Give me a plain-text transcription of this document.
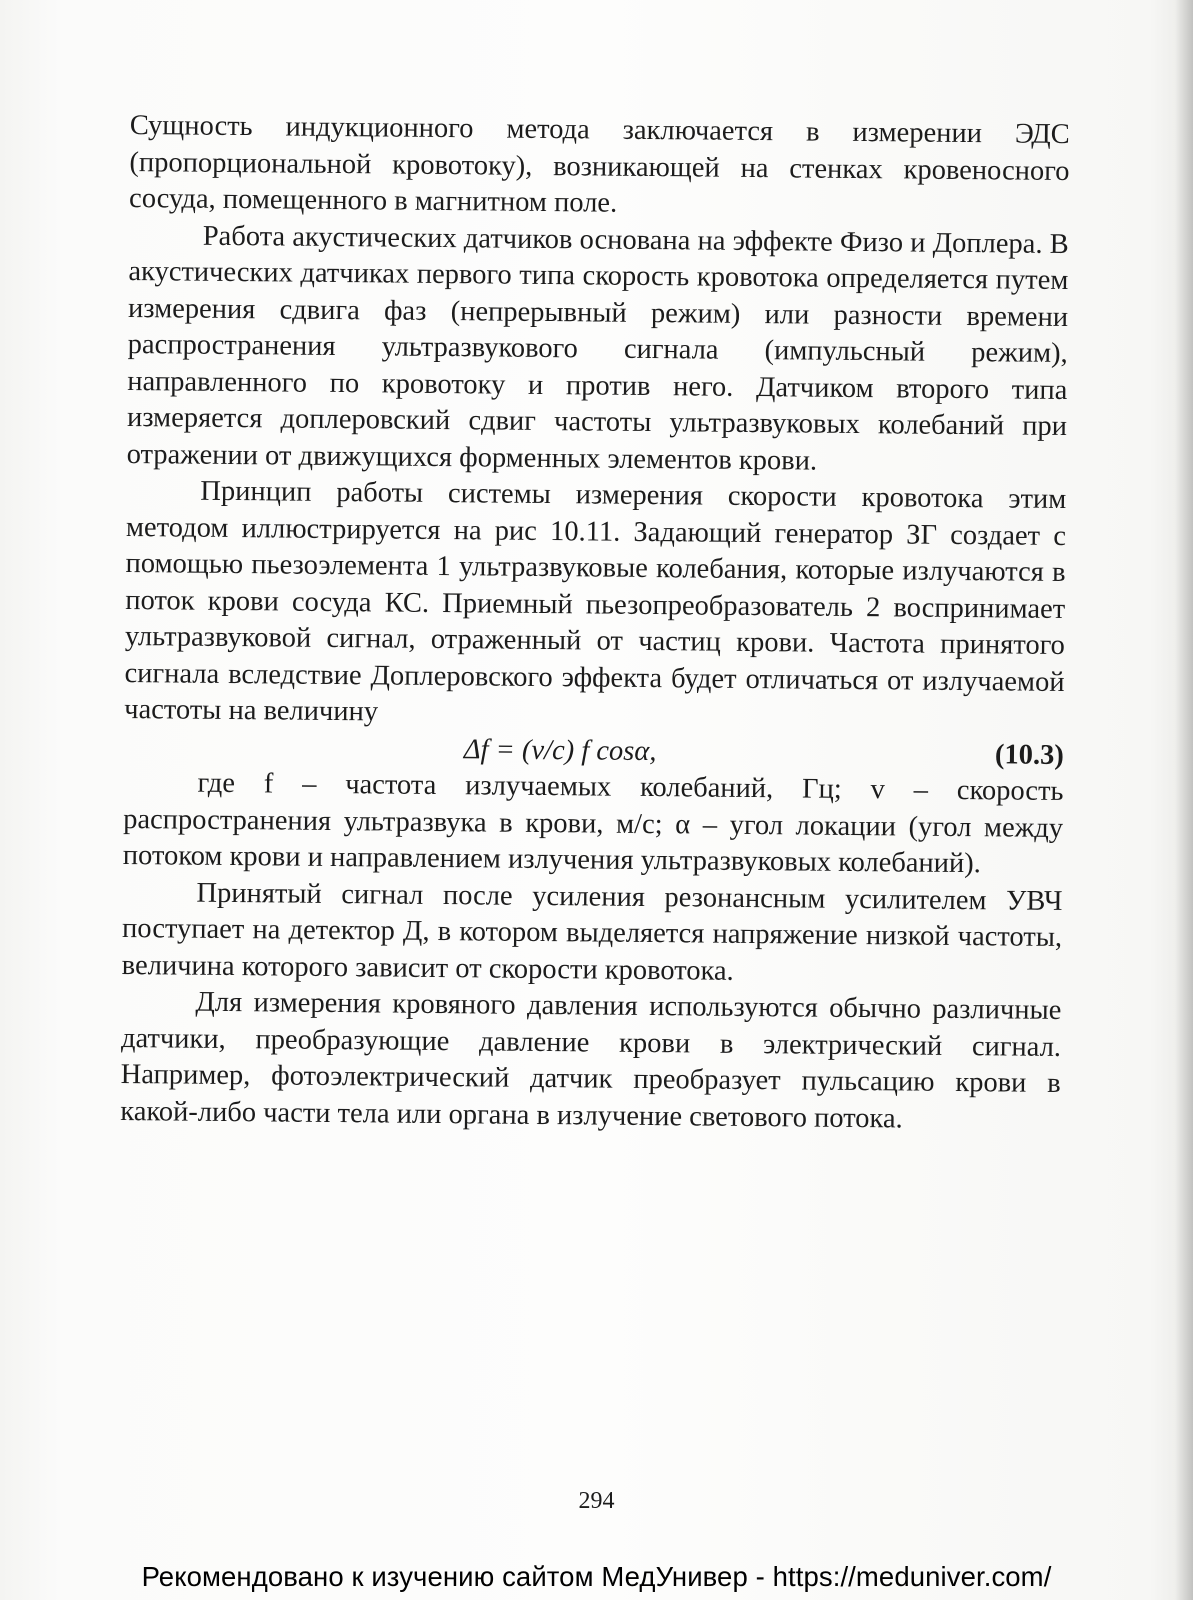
Сущность индукционного метода заключается в измерении ЭДС (пропорциональной кровотоку), возникающей на стенках кровеносного сосуда, помещенного в магнитном поле.

Работа акустических датчиков основана на эффекте Физо и Доплера. В акустических датчиках первого типа скорость кровотока определяется путем измерения сдвига фаз (непрерывный режим) или разности времени распространения ультразвукового сигнала (импульсный режим), направленного по кровотоку и против него. Датчиком второго типа измеряется доплеровский сдвиг частоты ультразвуковых колебаний при отражении от движущихся форменных элементов крови.

Принцип работы системы измерения скорости кровотока этим методом иллюстрируется на рис 10.11. Задающий генератор ЗГ создает с помощью пьезоэлемента 1 ультразвуковые колебания, которые излучаются в поток крови сосуда КС. Приемный пьезопреобразователь 2 воспринимает ультразвуковой сигнал, отраженный от частиц крови. Частота принятого сигнала вследствие Доплеровского эффекта будет отличаться от излучаемой частоты на величину

Δf = (v/c) f cosα,	(10.3)

где f – частота излучаемых колебаний, Гц; v – скорость распространения ультразвука в крови, м/с; α – угол локации (угол между потоком крови и направлением излучения ультразвуковых колебаний).

Принятый сигнал после усиления резонансным усилителем УВЧ поступает на детектор Д, в котором выделяется напряжение низкой частоты, величина которого зависит от скорости кровотока.

Для измерения кровяного давления используются обычно различные датчики, преобразующие давление крови в электрический сигнал. Например, фотоэлектрический датчик преобразует пульсацию крови в какой-либо части тела или органа в излучение светового потока.

294
Рекомендовано к изучению сайтом МедУнивер - https://meduniver.com/
